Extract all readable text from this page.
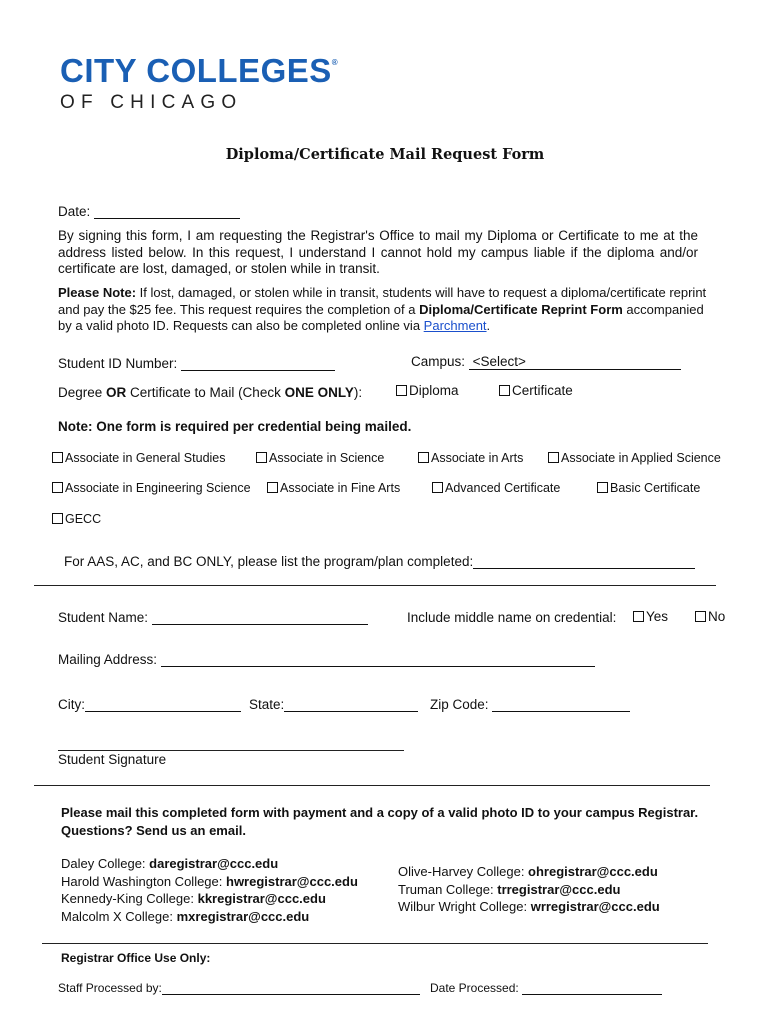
CITY COLLEGES®
OF CHICAGO
Diploma/Certificate Mail Request Form
Date:
By signing this form, I am requesting the Registrar's Office to mail my Diploma or Certificate to me at the address listed below. In this request, I understand I cannot hold my campus liable if the diploma and/or certificate are lost, damaged, or stolen while in transit.
Please Note: If lost, damaged, or stolen while in transit, students will have to request a diploma/certificate reprint and pay the $25 fee. This request requires the completion of a Diploma/Certificate Reprint Form accompanied by a valid photo ID. Requests can also be completed online via Parchment.
Student ID Number:	Campus: <Select>
Degree OR Certificate to Mail (Check ONE ONLY):	Diploma	Certificate
Note: One form is required per credential being mailed.
Associate in General Studies	Associate in Science	Associate in Arts	Associate in Applied Science
Associate in Engineering Science	Associate in Fine Arts	Advanced Certificate	Basic Certificate
GECC
For AAS, AC, and BC ONLY, please list the program/plan completed:
Student Name:	Include middle name on credential:	Yes	No
Mailing Address:
City:	State:	Zip Code:
Student Signature
Please mail this completed form with payment and a copy of a valid photo ID to your campus Registrar. Questions? Send us an email.
Daley College: daregistrar@ccc.edu
Harold Washington College: hwregistrar@ccc.edu
Kennedy-King College: kkregistrar@ccc.edu
Malcolm X College: mxregistrar@ccc.edu
Olive-Harvey College: ohregistrar@ccc.edu
Truman College: trregistrar@ccc.edu
Wilbur Wright College: wrregistrar@ccc.edu
Registrar Office Use Only:
Staff Processed by:	Date Processed:
